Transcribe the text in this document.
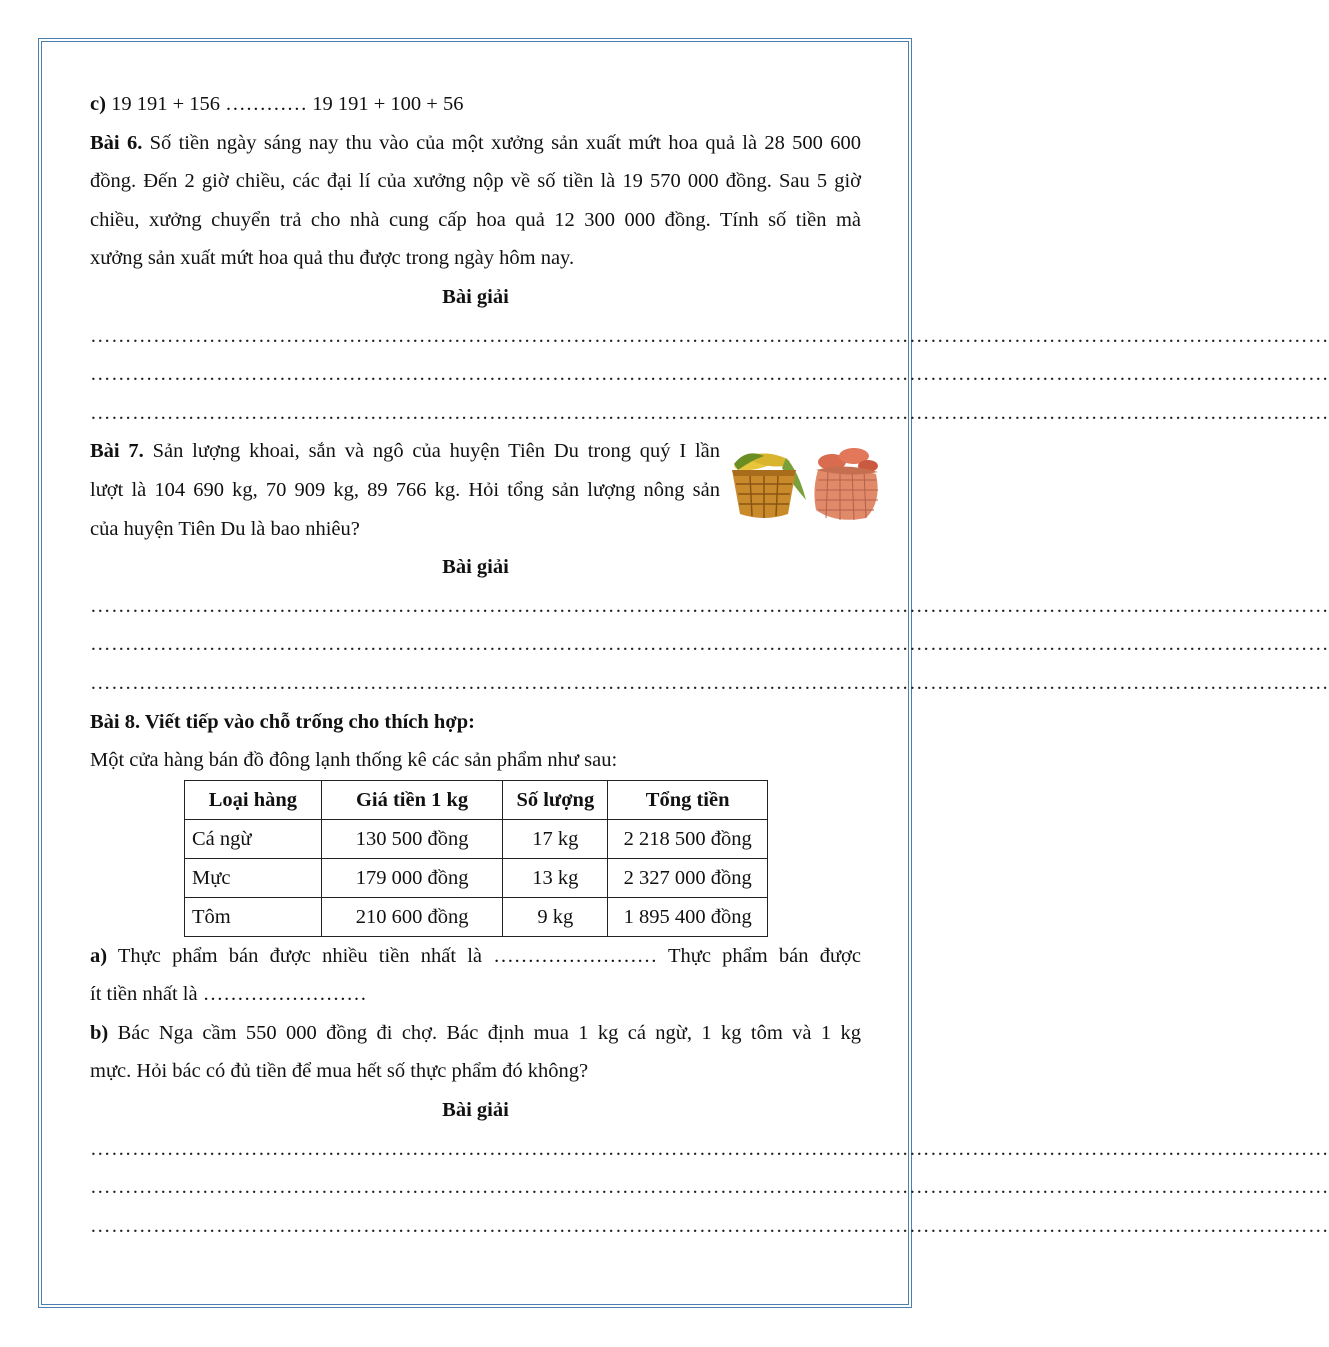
c) 19 191 + 156 ………… 19 191 + 100 + 56
Bài 6. Số tiền ngày sáng nay thu vào của một xưởng sản xuất mứt hoa quả là 28 500 600
đồng. Đến 2 giờ chiều, các đại lí của xưởng nộp về số tiền là 19 570 000 đồng. Sau 5 giờ
chiều, xưởng chuyển trả cho nhà cung cấp hoa quả 12 300 000 đồng. Tính số tiền mà
xưởng sản xuất mứt hoa quả thu được trong ngày hôm nay.
Bài giải
……………………………………………………………………………………………………………………………………………………………
……………………………………………………………………………………………………………………………………………………………
……………………………………………………………………………………………………………………………………………………………
Bài 7. Sản lượng khoai, sắn và ngô của huyện Tiên Du trong quý I lần
lượt là 104 690 kg, 70 909 kg, 89 766 kg. Hỏi tổng sản lượng nông sản
của huyện Tiên Du là bao nhiêu?
Bài giải
……………………………………………………………………………………………………………………………………………………………
……………………………………………………………………………………………………………………………………………………………
……………………………………………………………………………………………………………………………………………………………
Bài 8. Viết tiếp vào chỗ trống cho thích hợp:
Một cửa hàng bán đồ đông lạnh thống kê các sản phẩm như sau:
Loại hàng	Giá tiền 1 kg	Số lượng	Tổng tiền
Cá ngừ	130 500 đồng	17 kg	2 218 500 đồng
Mực	179 000 đồng	13 kg	2 327 000 đồng
Tôm	210 600 đồng	9 kg	1 895 400 đồng
a) Thực phẩm bán được nhiều tiền nhất là …………………… Thực phẩm bán được
ít tiền nhất là ……………………
b) Bác Nga cầm 550 000 đồng đi chợ. Bác định mua 1 kg cá ngừ, 1 kg tôm và 1 kg
mực. Hỏi bác có đủ tiền để mua hết số thực phẩm đó không?
Bài giải
……………………………………………………………………………………………………………………………………………………………
……………………………………………………………………………………………………………………………………………………………
……………………………………………………………………………………………………………………………………………………………
